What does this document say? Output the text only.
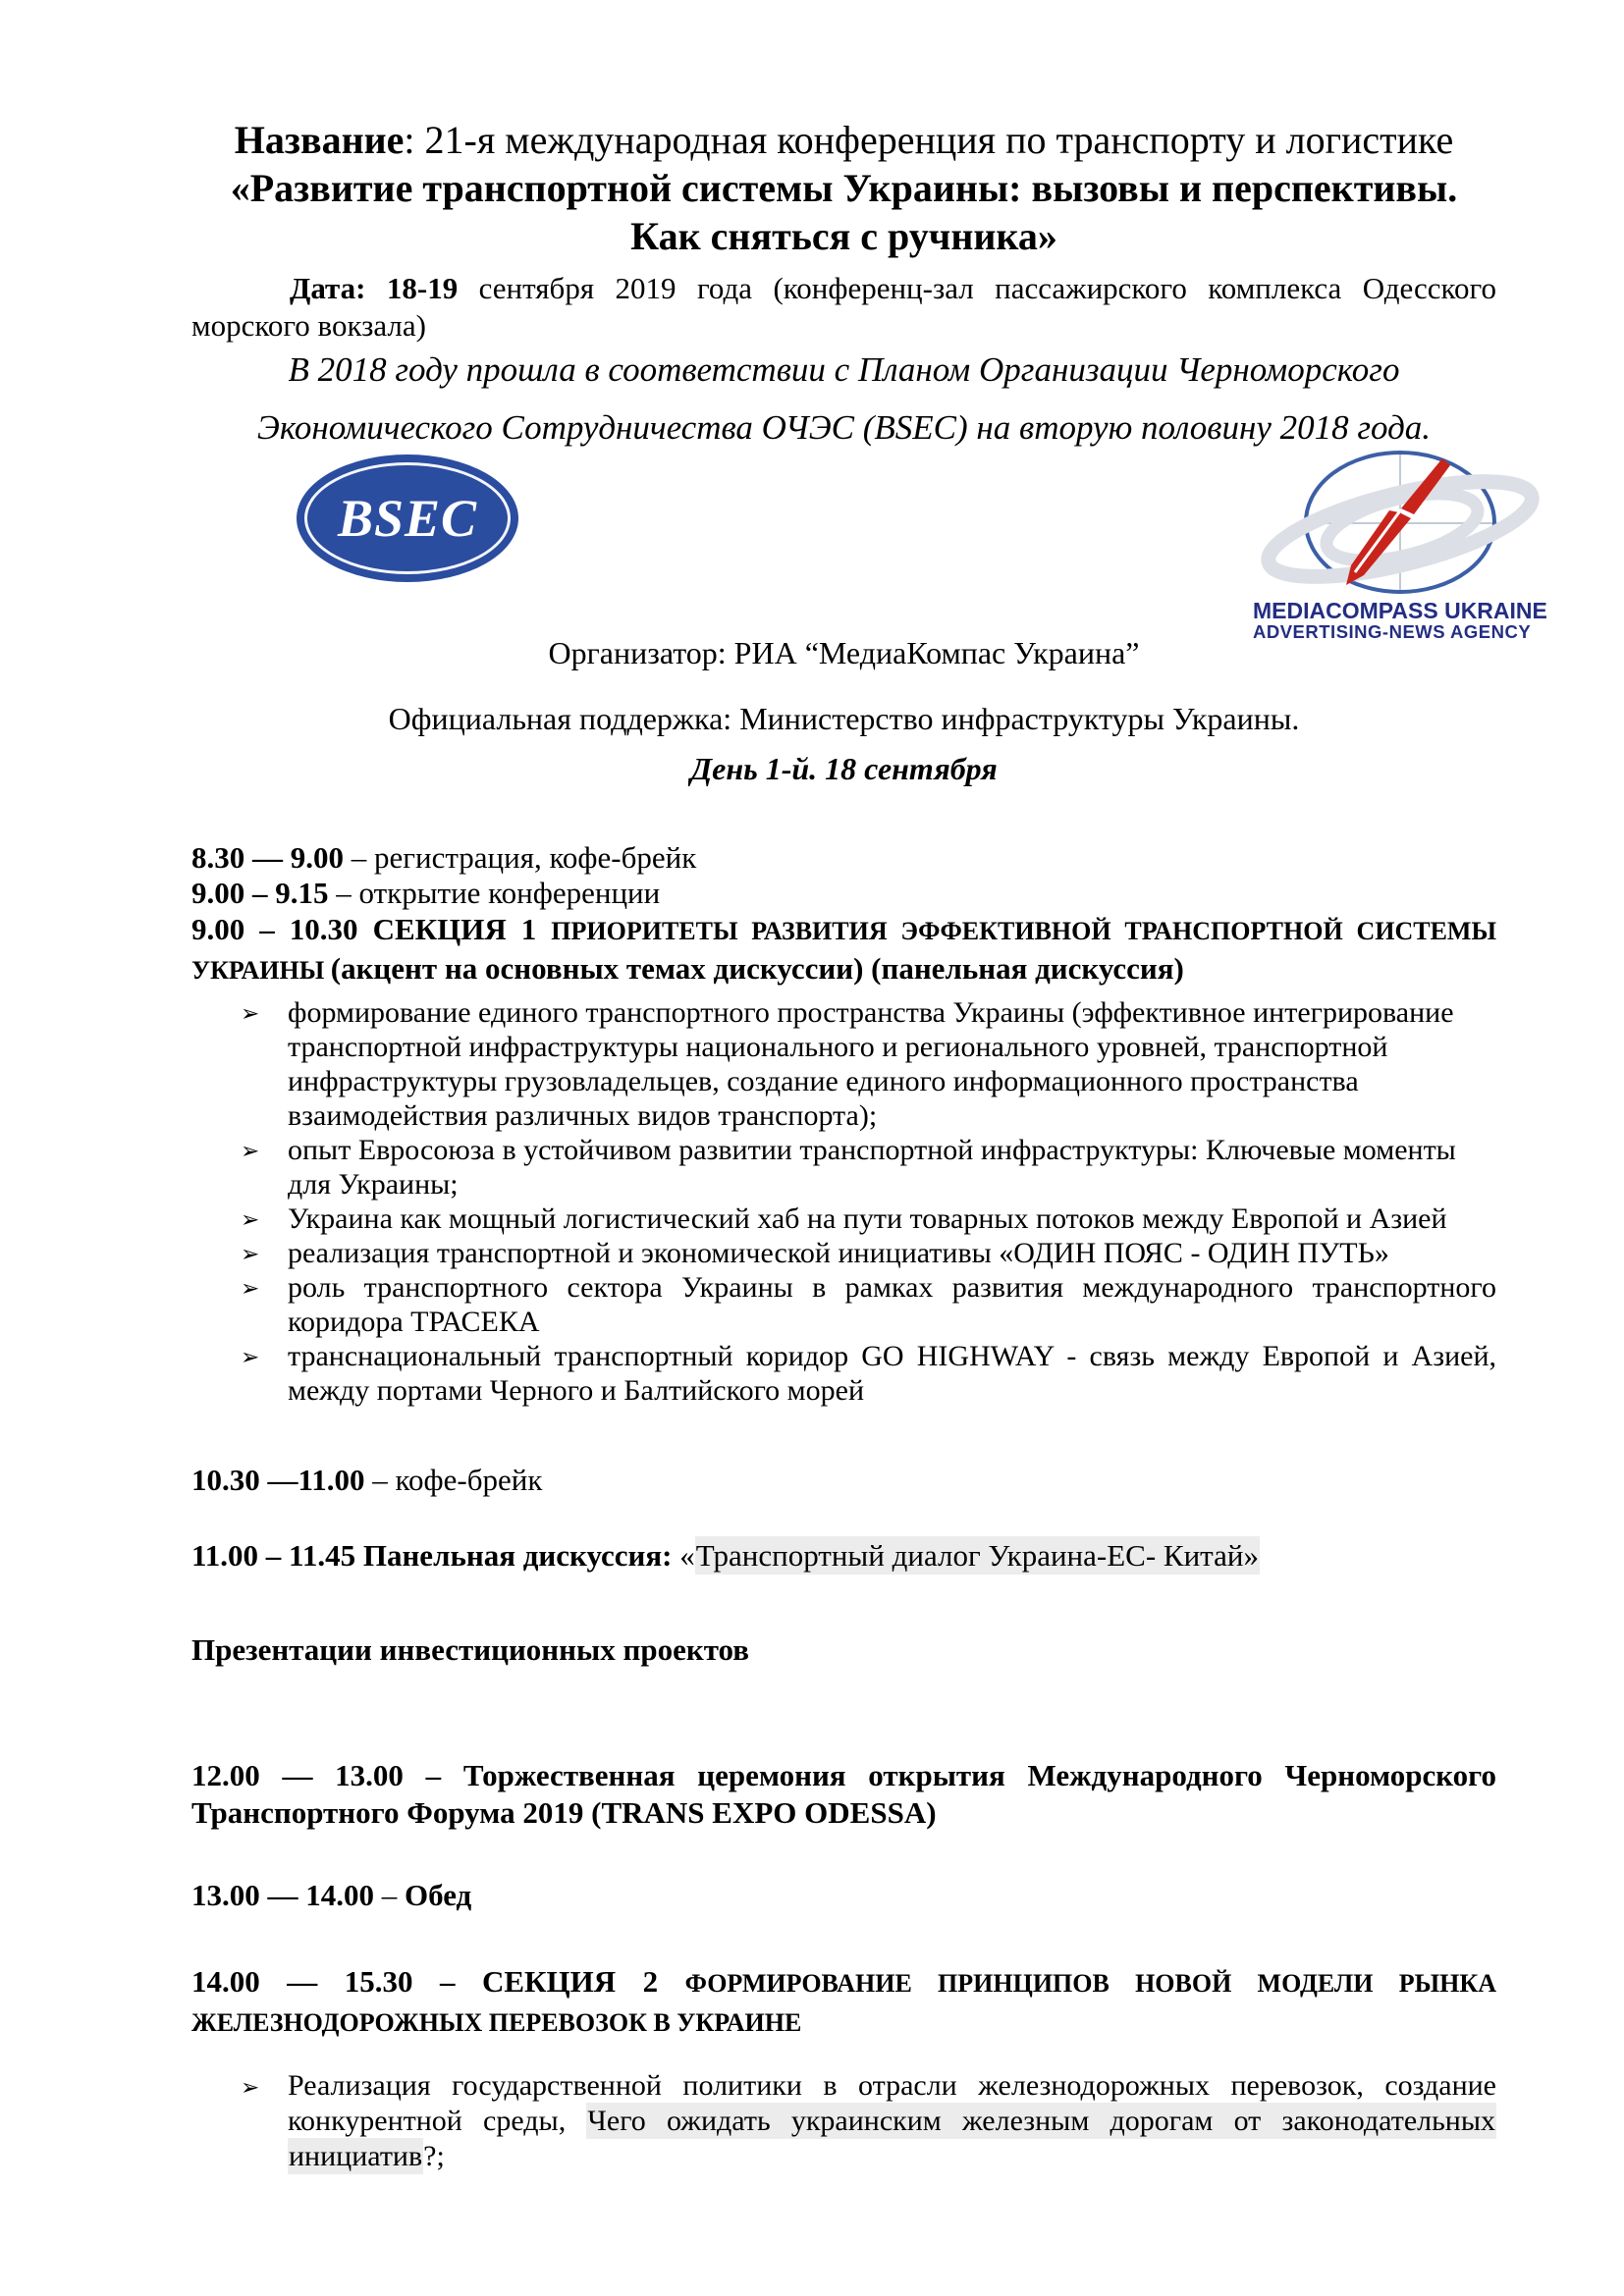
Название: 21-я международная конференция по транспорту и логистике

«Развитие транспортной системы Украины: вызовы и перспективы. Как сняться с ручника»

Дата: 18-19 сентября 2019 года (конференц-зал пассажирского комплекса Одесского морского вокзала)

В 2018 году прошла в соответствии с Планом Организации Черноморского Экономического Сотрудничества ОЧЭС (BSEC) на вторую половину 2018 года.

BSEC
MEDIACOMPASS UKRAINE
ADVERTISING-NEWS AGENCY

Организатор: РИА “МедиаКомпас Украина”

Официальная поддержка: Министерство инфраструктуры Украины.

День 1-й. 18 сентября

8.30 — 9.00 – регистрация, кофе-брейк

9.00 – 9.15 – открытие конференции

9.00 – 10.30 СЕКЦИЯ 1 ПРИОРИТЕТЫ РАЗВИТИЯ ЭФФЕКТИВНОЙ ТРАНСПОРТНОЙ СИСТЕМЫ УКРАИНЫ (акцент на основных темах дискуссии) (панельная дискуссия)

➢ формирование единого транспортного пространства Украины (эффективное интегрирование транспортной инфраструктуры национального и регионального уровней, транспортной инфраструктуры грузовладельцев, создание единого информационного пространства взаимодействия различных видов транспорта);
➢ опыт Евросоюза в устойчивом развитии транспортной инфраструктуры: Ключевые моменты для Украины;
➢ Украина как мощный логистический хаб на пути товарных потоков между Европой и Азией
➢ реализация транспортной и экономической инициативы «ОДИН ПОЯС - ОДИН ПУТЬ»
➢ роль транспортного сектора Украины в рамках развития международного транспортного коридора ТРАСЕКА
➢ транснациональный транспортный коридор GO HIGHWAY - связь между Европой и Азией, между портами Черного и Балтийского морей

10.30 —11.00 – кофе-брейк

11.00 – 11.45 Панельная дискуссия: «Транспортный диалог Украина-ЕС- Китай»

Презентации инвестиционных проектов

12.00 — 13.00 – Торжественная церемония открытия Международного Черноморского Транспортного Форума 2019 (TRANS EXPO ODESSA)

13.00 — 14.00 – Обед

14.00 — 15.30 – СЕКЦИЯ 2 ФОРМИРОВАНИЕ ПРИНЦИПОВ НОВОЙ МОДЕЛИ РЫНКА ЖЕЛЕЗНОДОРОЖНЫХ ПЕРЕВОЗОК В УКРАИНЕ

➢ Реализация государственной политики в отрасли железнодорожных перевозок, создание конкурентной среды, Чего ожидать украинским железным дорогам от законодательных инициатив?;
